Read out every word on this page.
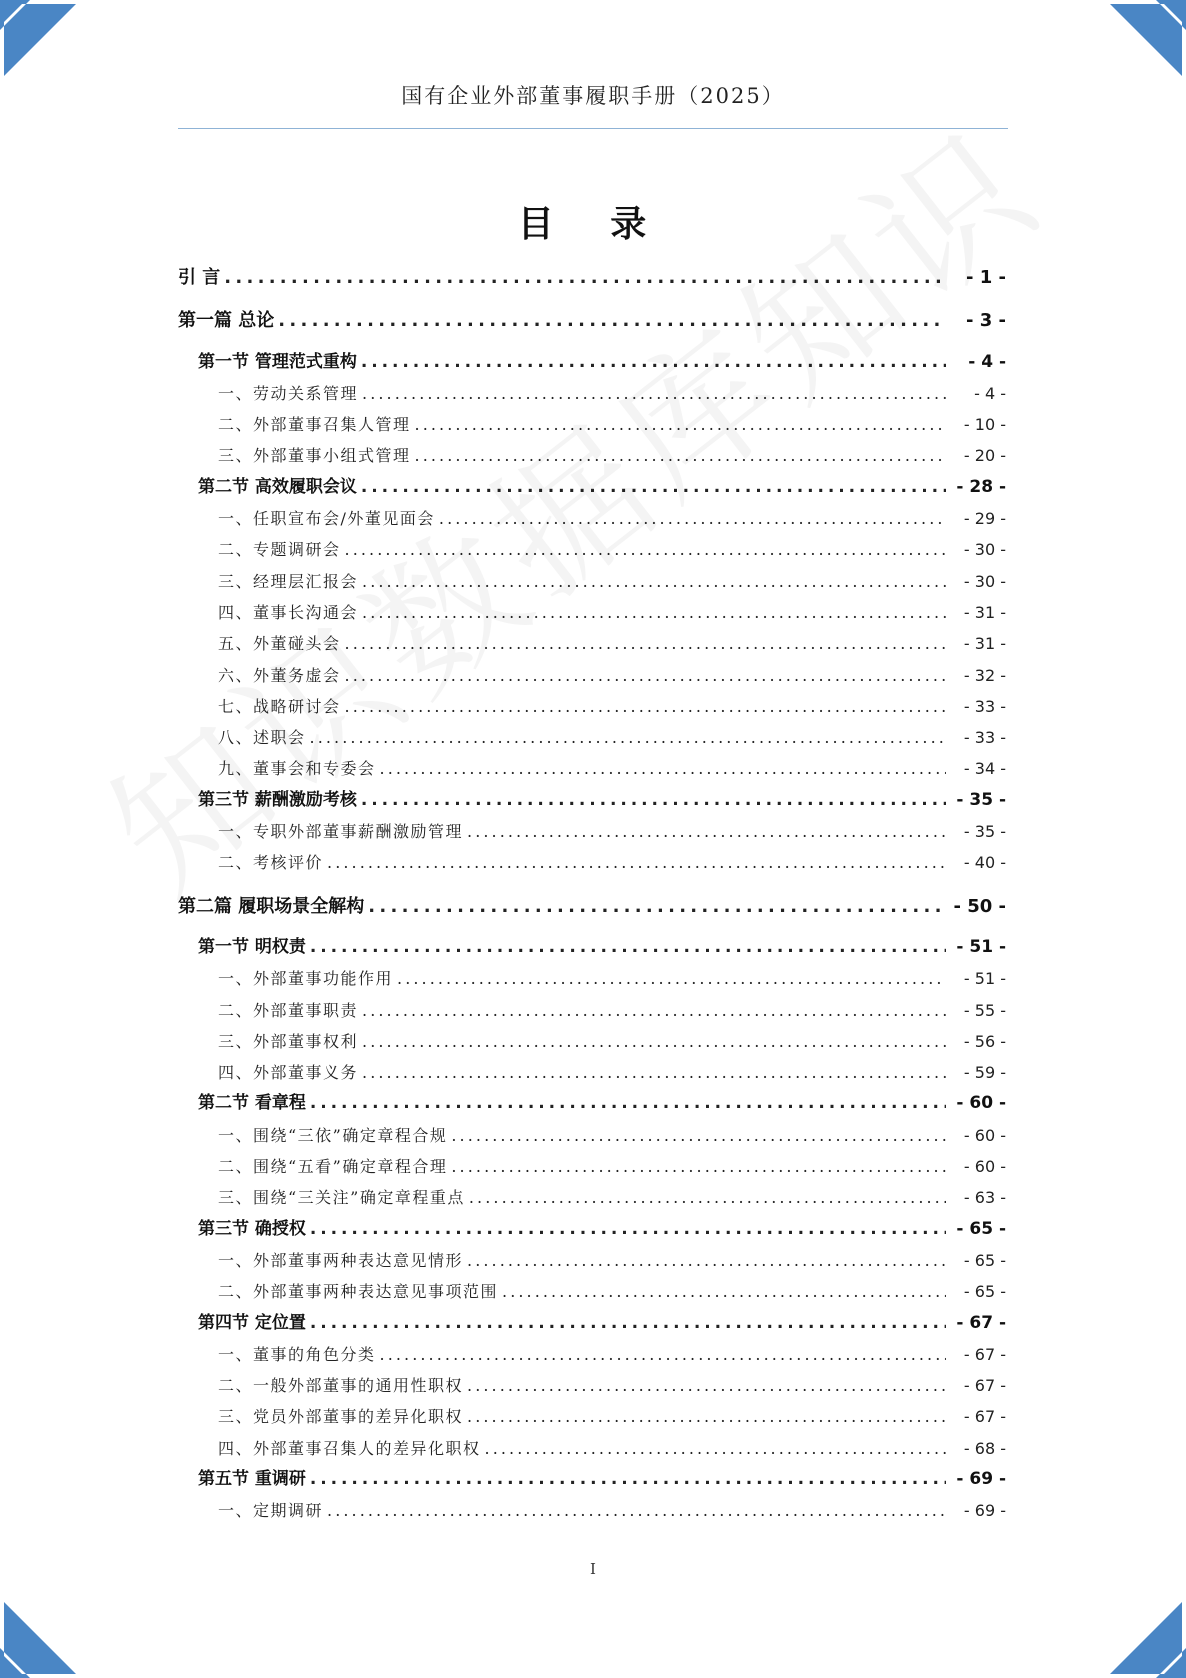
国有企业外部董事履职手册（2025）
目 录
引 言 . . .	- 1 -
第一篇 总论 . . .	- 3 -
第一节 管理范式重构 . . .	- 4 -
一、劳动关系管理 . . .	- 4 -
二、外部董事召集人管理 . . .	- 10 -
三、外部董事小组式管理 . . .	- 20 -
第二节 高效履职会议 . . .	- 28 -
一、任职宣布会/外董见面会 . . .	- 29 -
二、专题调研会 . . .	- 30 -
三、经理层汇报会 . . .	- 30 -
四、董事长沟通会 . . .	- 31 -
五、外董碰头会 . . .	- 31 -
六、外董务虚会 . . .	- 32 -
七、战略研讨会 . . .	- 33 -
八、述职会 . . .	- 33 -
九、董事会和专委会 . . .	- 34 -
第三节 薪酬激励考核 . . .	- 35 -
一、专职外部董事薪酬激励管理 . . .	- 35 -
二、考核评价 . . .	- 40 -
第二篇 履职场景全解构 . . .	- 50 -
第一节 明权责 . . .	- 51 -
一、外部董事功能作用 . . .	- 51 -
二、外部董事职责 . . .	- 55 -
三、外部董事权利 . . .	- 56 -
四、外部董事义务 . . .	- 59 -
第二节 看章程 . . .	- 60 -
一、围绕“三依”确定章程合规 . . .	- 60 -
二、围绕“五看”确定章程合理 . . .	- 60 -
三、围绕“三关注”确定章程重点 . . .	- 63 -
第三节 确授权 . . .	- 65 -
一、外部董事两种表达意见情形 . . .	- 65 -
二、外部董事两种表达意见事项范围 . . .	- 65 -
第四节 定位置 . . .	- 67 -
一、董事的角色分类 . . .	- 67 -
二、一般外部董事的通用性职权 . . .	- 67 -
三、党员外部董事的差异化职权 . . .	- 67 -
四、外部董事召集人的差异化职权 . . .	- 68 -
第五节 重调研 . . .	- 69 -
一、定期调研 . . .	- 69 -
I
